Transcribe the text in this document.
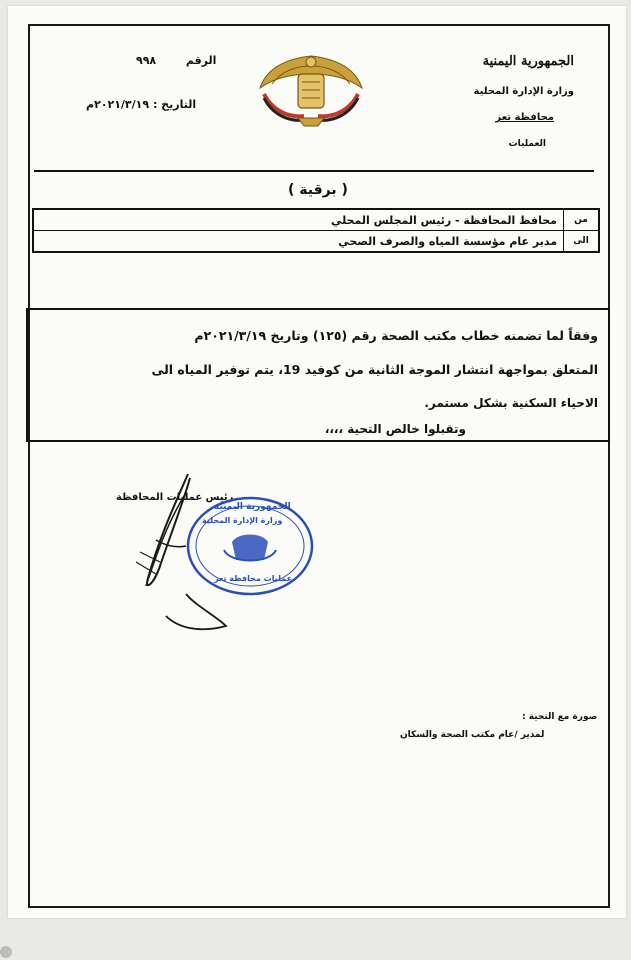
الجمهورية اليمنية
وزارة الإدارة المحلية
محافظة تعز
العمليات
الرقم  ٩٩٨
التاريخ : ٢٠٢١/٣/١٩م
( برقية )
من	محافظ المحافظة - رئيس المجلس المحلي
الى	مدير عام مؤسسة المياه والصرف الصحي
وفقاً لما تضمنه خطاب مكتب الصحة رقم (١٢٥) وتاريخ ٢٠٢١/٣/١٩م
المتعلق بمواجهة انتشار الموجة الثانية من كوفيد 19، يتم توفير المياه الى
الاحياء السكنية بشكل مستمر.
وتقبلوا خالص التحية ،،،،
رئيس عمليات المحافظة
الجمهورية اليمنية
وزارة الإدارة المحلية
عمليات محافظة تعز
صورة مع التحية :
لمدير /عام مكتب الصحة والسكان
